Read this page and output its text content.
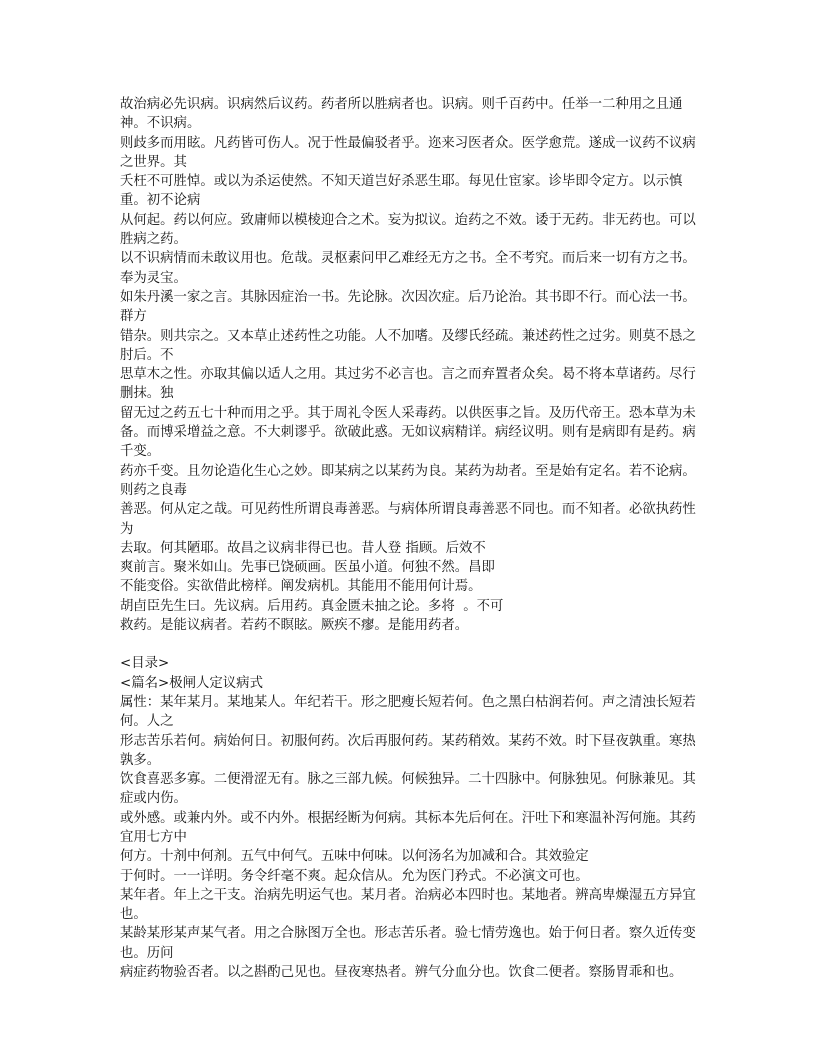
故治病必先识病。识病然后议药。药者所以胜病者也。识病。则千百药中。任举一二种用之且通神。不识病。

则歧多而用眩。凡药皆可伤人。况于性最偏驳者乎。迩来习医者众。医学愈荒。遂成一议药不议病之世界。其

夭枉不可胜悼。或以为杀运使然。不知天道岂好杀恶生耶。每见仕宦家。诊毕即令定方。以示慎重。初不论病

从何起。药以何应。致庸师以模棱迎合之术。妄为拟议。迨药之不效。诿于无药。非无药也。可以胜病之药。

以不识病情而未敢议用也。危哉。灵枢素问甲乙难经无方之书。全不考究。而后来一切有方之书。奉为灵宝。

如朱丹溪一家之言。其脉因症治一书。先论脉。次因次症。后乃论治。其书即不行。而心法一书。群方

错杂。则共宗之。又本草止述药性之功能。人不加嗜。及缪氏经疏。兼述药性之过劣。则莫不恳之肘后。不

思草木之性。亦取其偏以适人之用。其过劣不必言也。言之而弃置者众矣。曷不将本草诸药。尽行删抹。独

留无过之药五七十种而用之乎。其于周礼令医人采毒药。以供医事之旨。及历代帝王。恐本草为未

备。而博采增益之意。不大刺谬乎。欲破此惑。无如议病精详。病经议明。则有是病即有是药。病千变。

药亦千变。且勿论造化生心之妙。即某病之以某药为良。某药为劫者。至是始有定名。若不论病。则药之良毒

善恶。何从定之哉。可见药性所谓良毒善恶。与病体所谓良毒善恶不同也。而不知者。必欲执药性为

去取。何其陋耶。故昌之议病非得已也。昔人登 指顾。后效不

爽前言。聚米如山。先事已饶硕画。医虽小道。何独不然。昌即

不能变俗。实欲借此榜样。阐发病机。其能用不能用何计焉。

胡卣臣先生曰。先议病。后用药。真金匮未抽之论。多将  。不可

救药。是能议病者。若药不瞑眩。厥疾不瘳。是能用药者。

<目录>

<篇名>极闸人定议病式

属性：某年某月。某地某人。年纪若干。形之肥瘦长短若何。色之黑白枯润若何。声之清浊长短若何。人之

形志苦乐若何。病始何日。初服何药。次后再服何药。某药稍效。某药不效。时下昼夜孰重。寒热孰多。

饮食喜恶多寡。二便滑涩无有。脉之三部九候。何候独异。二十四脉中。何脉独见。何脉兼见。其症或内伤。

或外感。或兼内外。或不内外。根据经断为何病。其标本先后何在。汗吐下和寒温补泻何施。其药宜用七方中

何方。十剂中何剂。五气中何气。五味中何味。以何汤名为加减和合。其效验定

于何时。一一详明。务令纤毫不爽。起众信从。允为医门矜式。不必演文可也。

某年者。年上之干支。治病先明运气也。某月者。治病必本四时也。某地者。辨高卑燥湿五方异宜也。

某龄某形某声某气者。用之合脉图万全也。形志苦乐者。验七情劳逸也。始于何日者。察久近传变也。历问

病症药物验否者。以之斟酌己见也。昼夜寒热者。辨气分血分也。饮食二便者。察肠胃乖和也。
